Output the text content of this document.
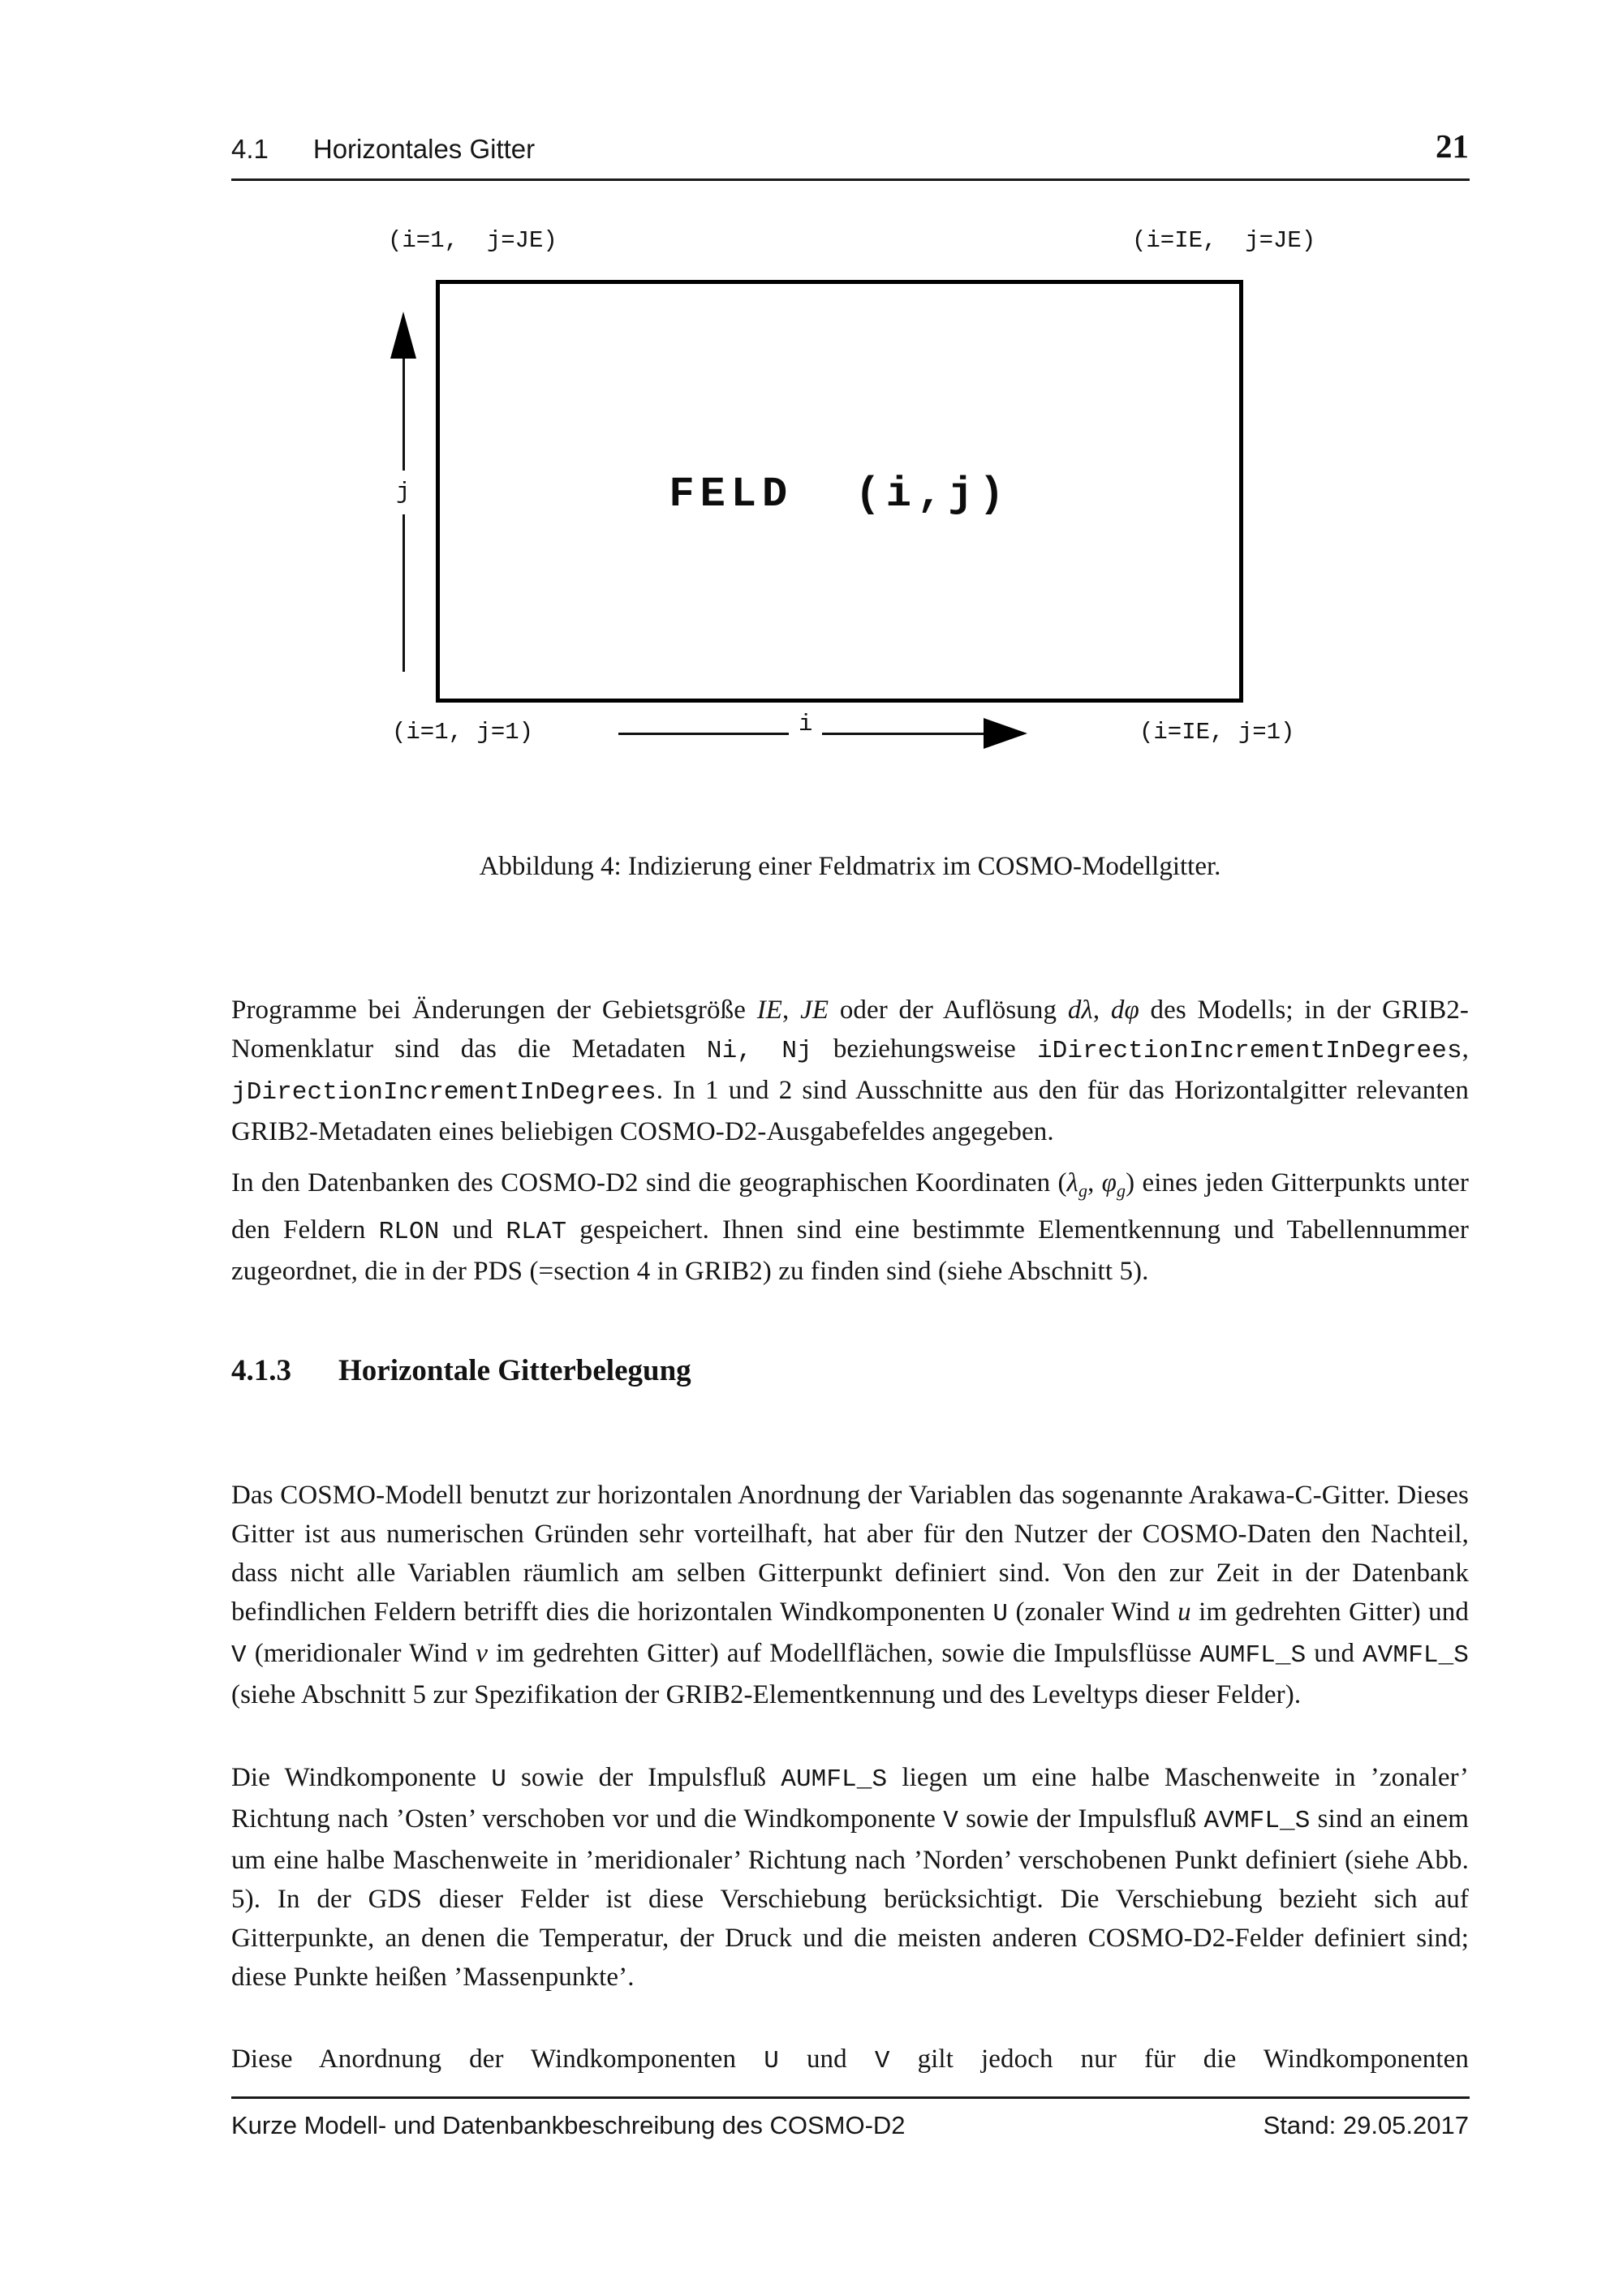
4.1 Horizontales Gitter	21
(i=1,  j=JE)	(i=IE,  j=JE)
(i=1, j=1)	(i=IE, j=1)
FELD  (i,j)
j
i
Abbildung 4: Indizierung einer Feldmatrix im COSMO-Modellgitter.

Programme bei Änderungen der Gebietsgröße IE, JE oder der Auflösung dλ, dφ des Modells; in der GRIB2-Nomenklatur sind das die Metadaten Ni, Nj beziehungsweise iDirectionIncrementInDegrees, jDirectionIncrementInDegrees. In 1 und 2 sind Ausschnitte aus den für das Horizontalgitter relevanten GRIB2-Metadaten eines beliebigen COSMO-D2-Ausgabefeldes angegeben.

In den Datenbanken des COSMO-D2 sind die geographischen Koordinaten ($\lambda_g$, $\varphi_g$) eines jeden Gitterpunkts unter den Feldern RLON und RLAT gespeichert. Ihnen sind eine bestimmte Elementkennung und Tabellennummer zugeordnet, die in der PDS (=section 4 in GRIB2) zu finden sind (siehe Abschnitt 5).

4.1.3 Horizontale Gitterbelegung

Das COSMO-Modell benutzt zur horizontalen Anordnung der Variablen das sogenannte Arakawa-C-Gitter. Dieses Gitter ist aus numerischen Gründen sehr vorteilhaft, hat aber für den Nutzer der COSMO-Daten den Nachteil, dass nicht alle Variablen räumlich am selben Gitterpunkt definiert sind. Von den zur Zeit in der Datenbank befindlichen Feldern betrifft dies die horizontalen Windkomponenten U (zonaler Wind u im gedrehten Gitter) und V (meridionaler Wind v im gedrehten Gitter) auf Modellflächen, sowie die Impulsflüsse AUMFL_S und AVMFL_S (siehe Abschnitt 5 zur Spezifikation der GRIB2-Elementkennung und des Leveltyps dieser Felder).

Die Windkomponente U sowie der Impulsfluß AUMFL_S liegen um eine halbe Maschenweite in ’zonaler’ Richtung nach ’Osten’ verschoben vor und die Windkomponente V sowie der Impulsfluß AVMFL_S sind an einem um eine halbe Maschenweite in ’meridionaler’ Richtung nach ’Norden’ verschobenen Punkt definiert (siehe Abb. 5). In der GDS dieser Felder ist diese Verschiebung berücksichtigt. Die Verschiebung bezieht sich auf Gitterpunkte, an denen die Temperatur, der Druck und die meisten anderen COSMO-D2-Felder definiert sind; diese Punkte heißen ’Massenpunkte’.

Diese Anordnung der Windkomponenten U und V gilt jedoch nur für die Windkomponenten

Kurze Modell- und Datenbankbeschreibung des COSMO-D2	Stand: 29.05.2017
